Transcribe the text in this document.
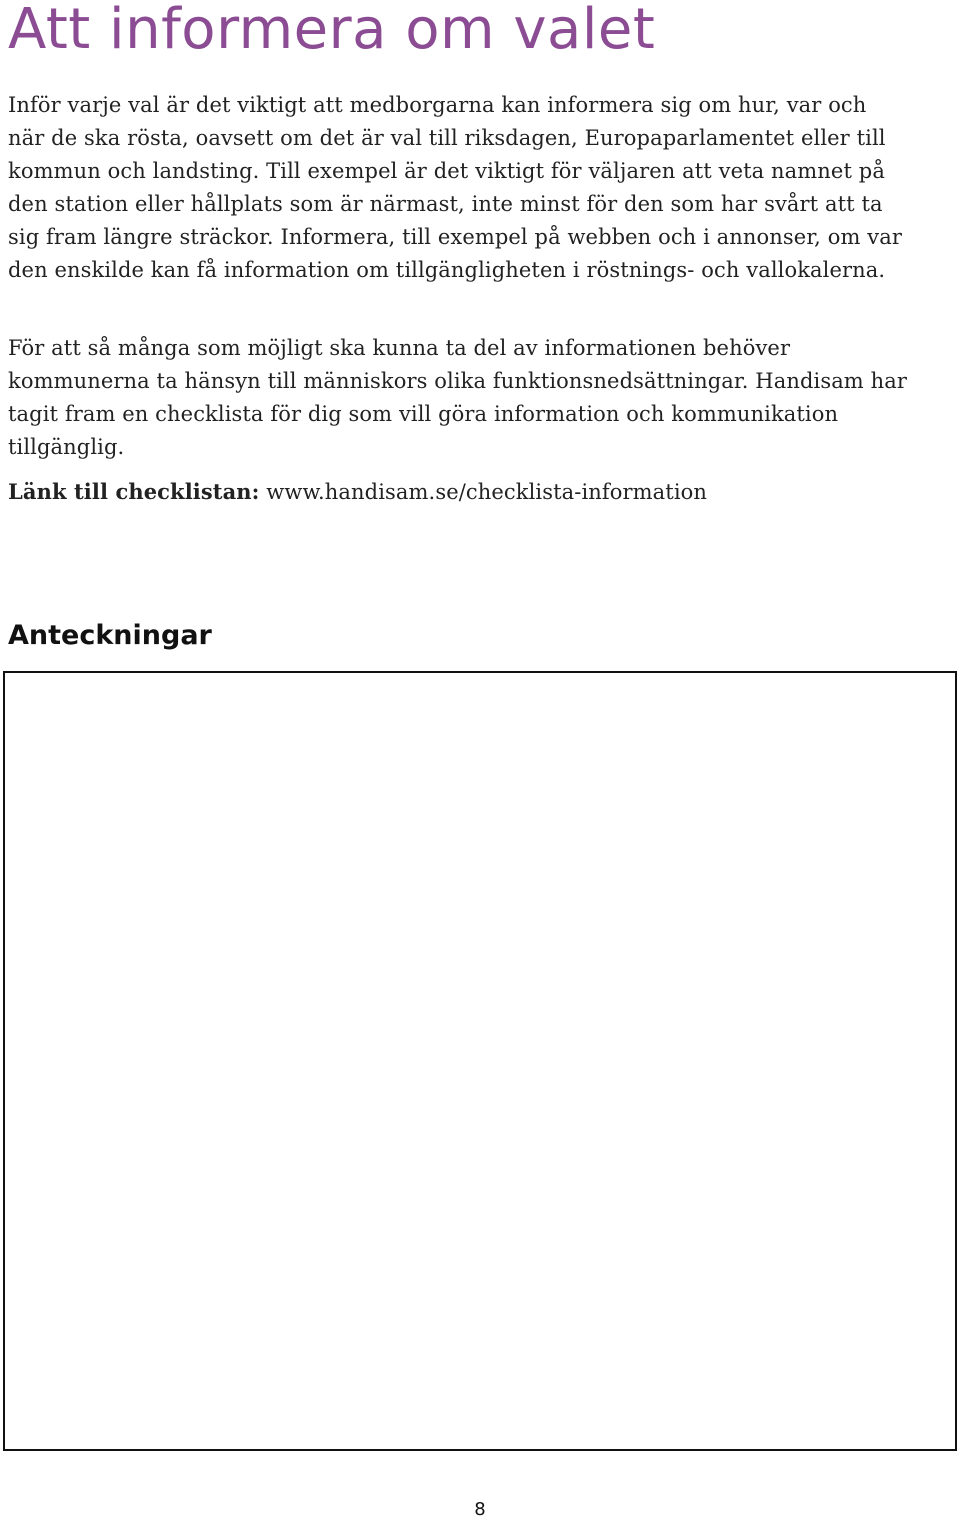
Att informera om valet

Inför varje val är det viktigt att medborgarna kan informera sig om hur, var och när de ska rösta, oavsett om det är val till riksdagen, Europaparlamentet eller till kommun och landsting. Till exempel är det viktigt för väljaren att veta namnet på den station eller hållplats som är närmast, inte minst för den som har svårt att ta sig fram längre sträckor. Informera, till exempel på webben och i annonser, om var den enskilde kan få information om tillgängligheten i röstnings- och vallokalerna.

För att så många som möjligt ska kunna ta del av informationen behöver kommunerna ta hänsyn till människors olika funktionsnedsättningar. Handisam har tagit fram en checklista för dig som vill göra information och kommunikation tillgänglig.

Länk till checklistan: www.handisam.se/checklista-information

Anteckningar
8
